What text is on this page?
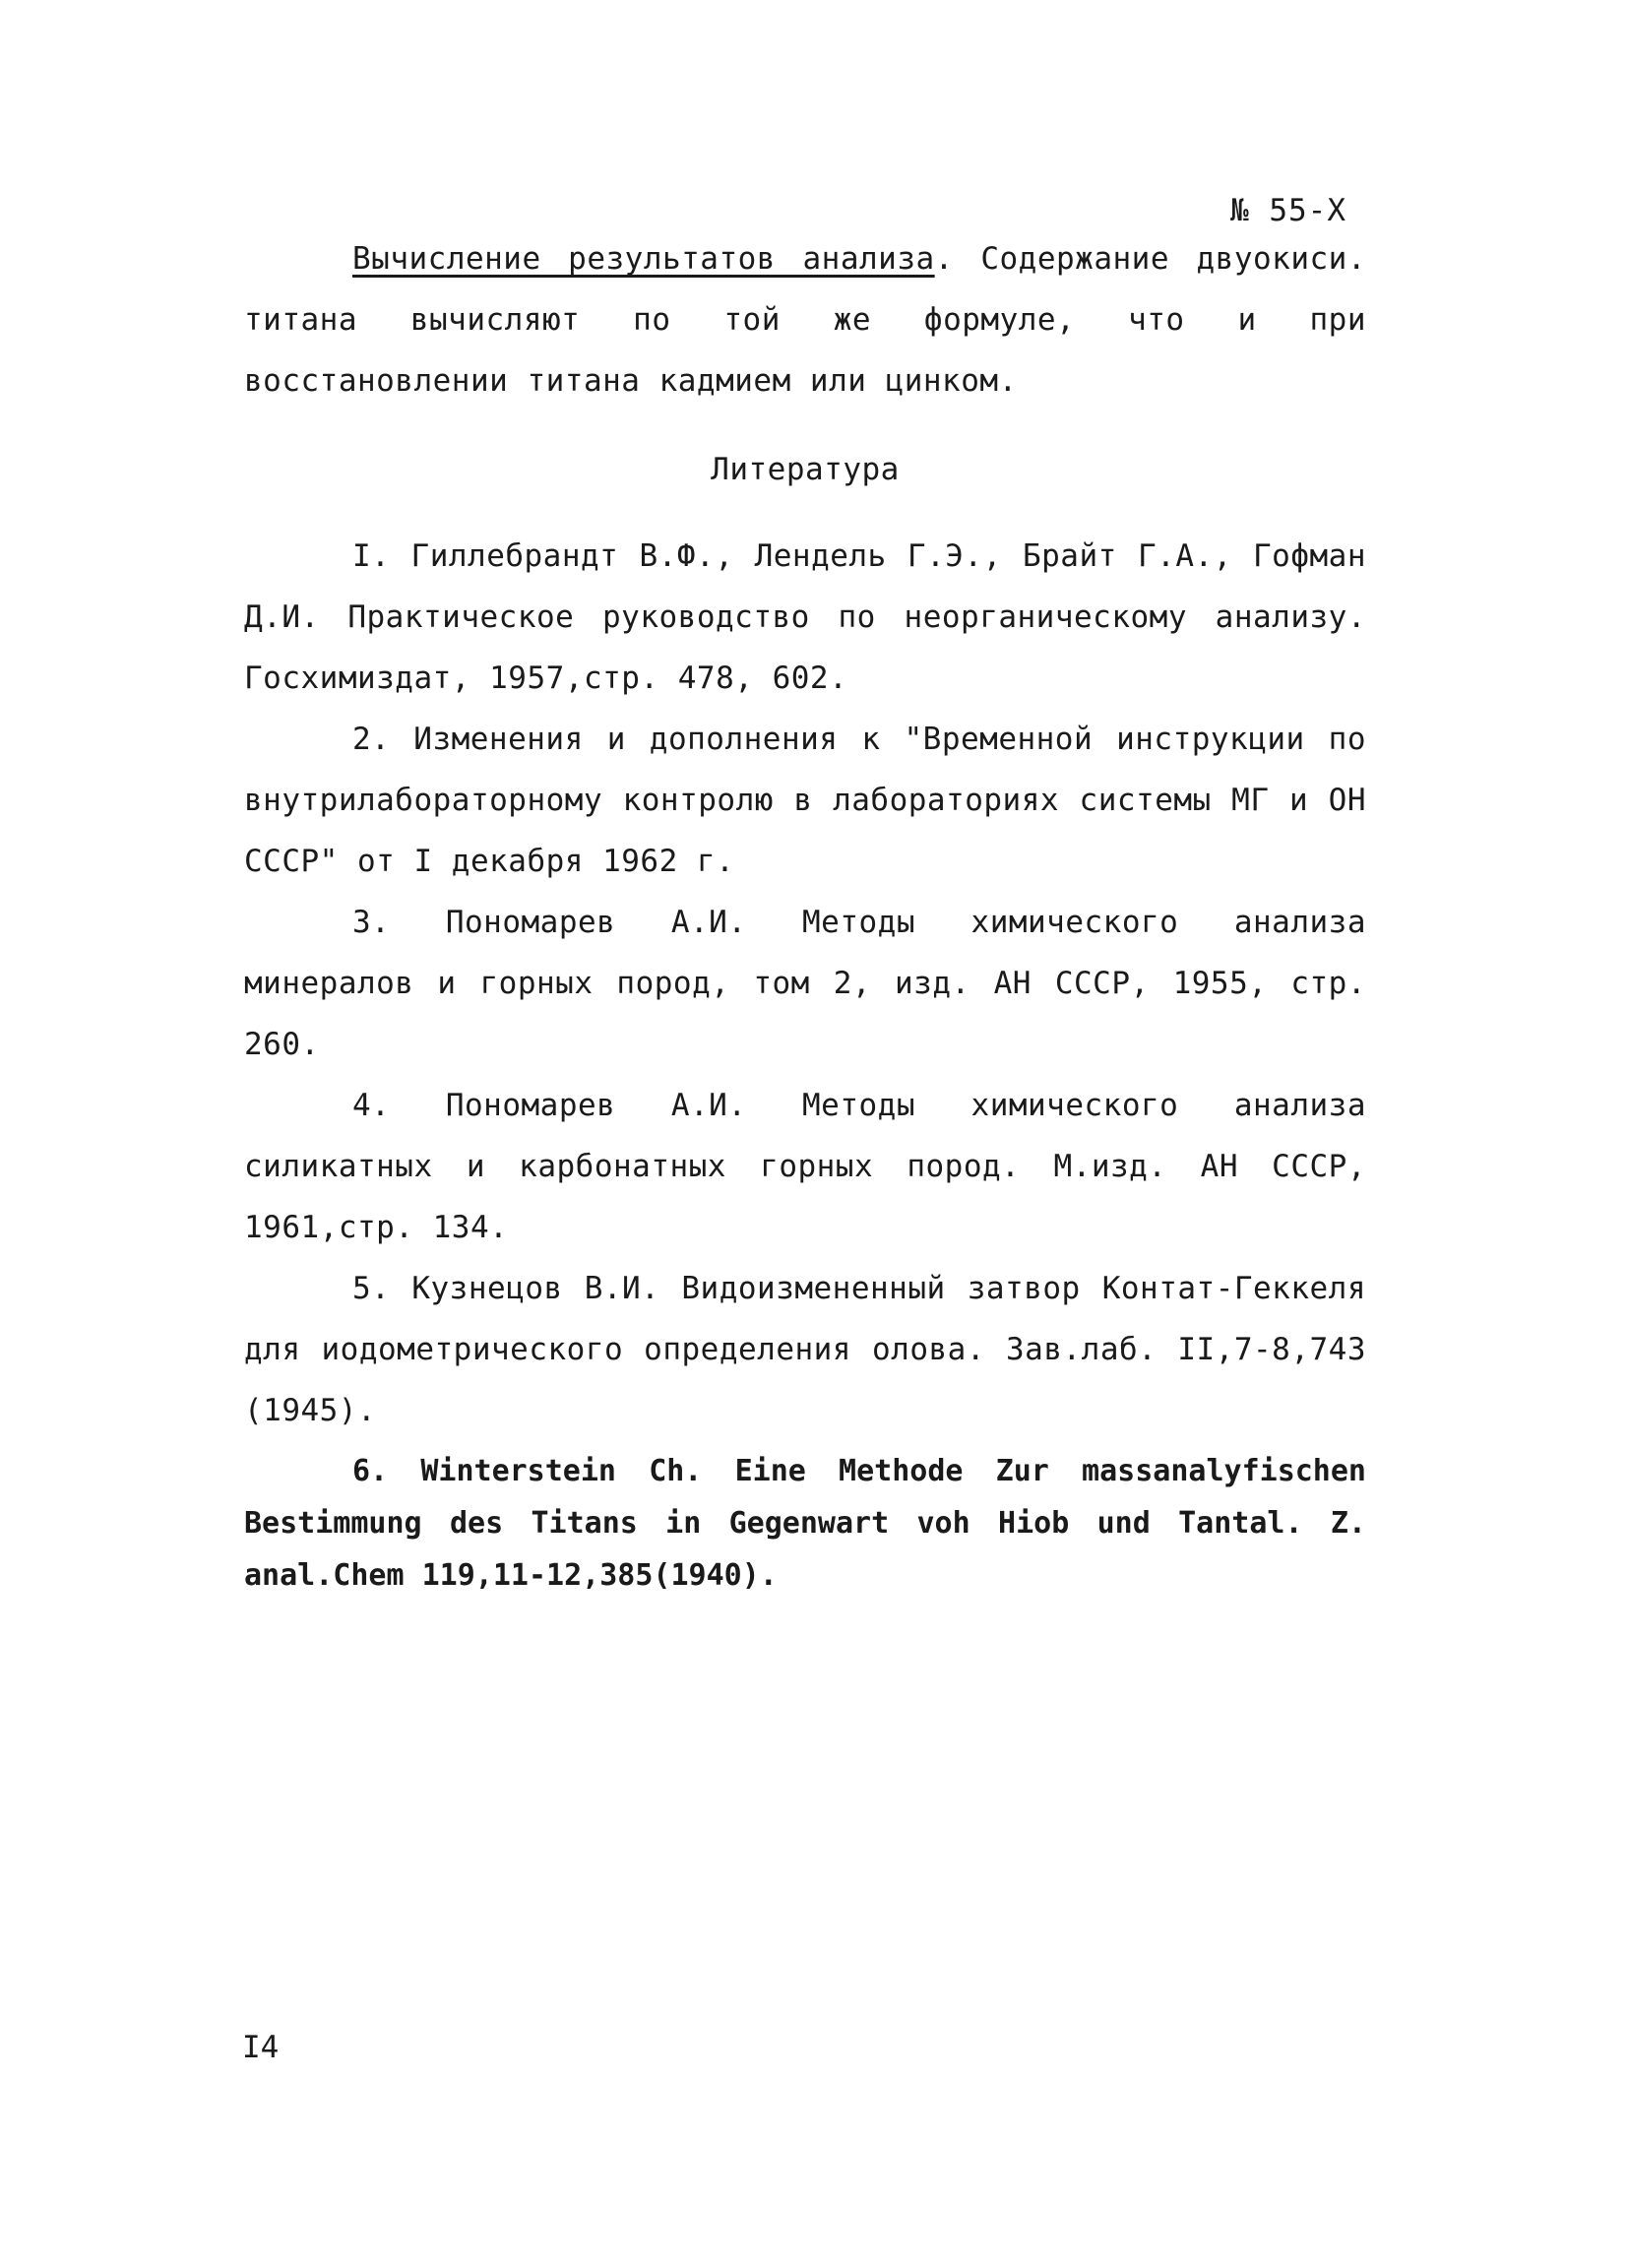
№ 55-Х

Вычисление результатов анализа. Содержание двуокиси. титана вычисляют по той же формуле, что и при восстановлении титана кадмием или цинком.

Литература

I. Гиллебрандт В.Ф., Лендель Г.Э., Брайт Г.А., Гофман Д.И. Практическое руководство по неорганическому анализу. Госхимиздат, 1957,стр. 478, 602.

2. Изменения и дополнения к "Временной инструкции по внутрилабораторному контролю в лабораториях системы МГ и ОН СССР" от I декабря 1962 г.

3. Пономарев А.И. Методы химического анализа минералов и горных пород, том 2, изд. АН СССР, 1955, стр. 260.

4. Пономарев А.И. Методы химического анализа силикатных и карбонатных горных пород. М.изд. АН СССР, 1961,стр. 134.

5. Кузнецов В.И. Видоизмененный затвор Контат-Геккеля для иодометрического определения олова. Зав.лаб. II,7-8,743 (1945).

6. Winterstein Ch. Eine Methode Zur massanalyfischen Bestimmung des Titans in Gegenwart voh Hiob und Tantal. Z. anal.Chem 119,11-12,385(1940).

I4
